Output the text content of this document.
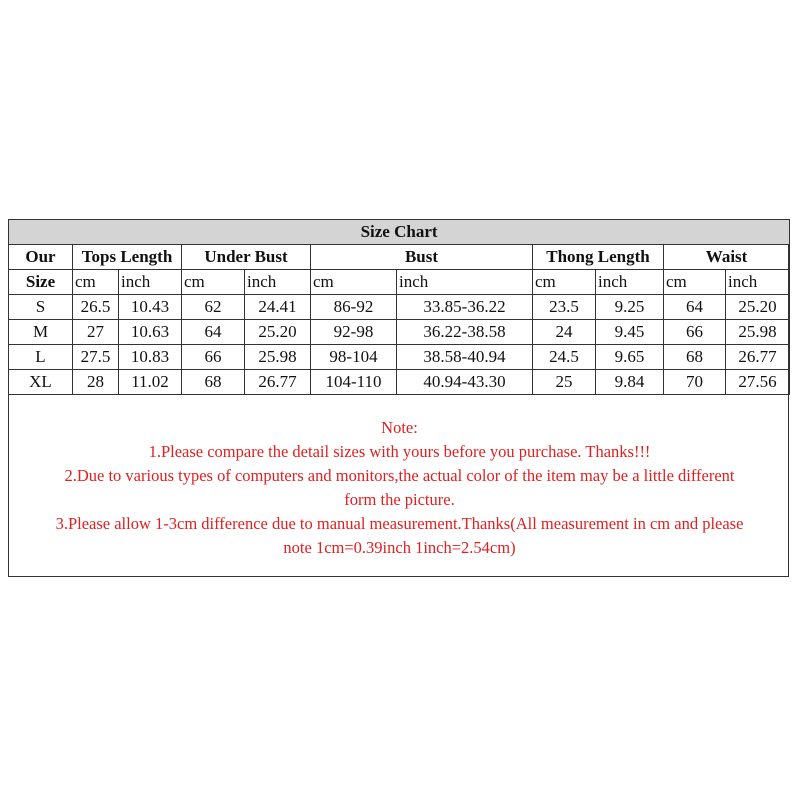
Size Chart										
Our	Tops Length		Under Bust		Bust		Thong Length		Waist	
Size	cm	inch	cm	inch	cm	inch	cm	inch	cm	inch
S	26.5	10.43	62	24.41	86-92	33.85-36.22	23.5	9.25	64	25.20
M	27	10.63	64	25.20	92-98	36.22-38.58	24	9.45	66	25.98
L	27.5	10.83	66	25.98	98-104	38.58-40.94	24.5	9.65	68	26.77
XL	28	11.02	68	26.77	104-110	40.94-43.30	25	9.84	70	27.56
Note:
1.Please compare the detail sizes with yours before you purchase. Thanks!!!
2.Due to various types of computers and monitors,the actual color of the item may be a little different
form the picture.
3.Please allow 1-3cm difference due to manual measurement.Thanks(All measurement in cm and please
note 1cm=0.39inch 1inch=2.54cm)
